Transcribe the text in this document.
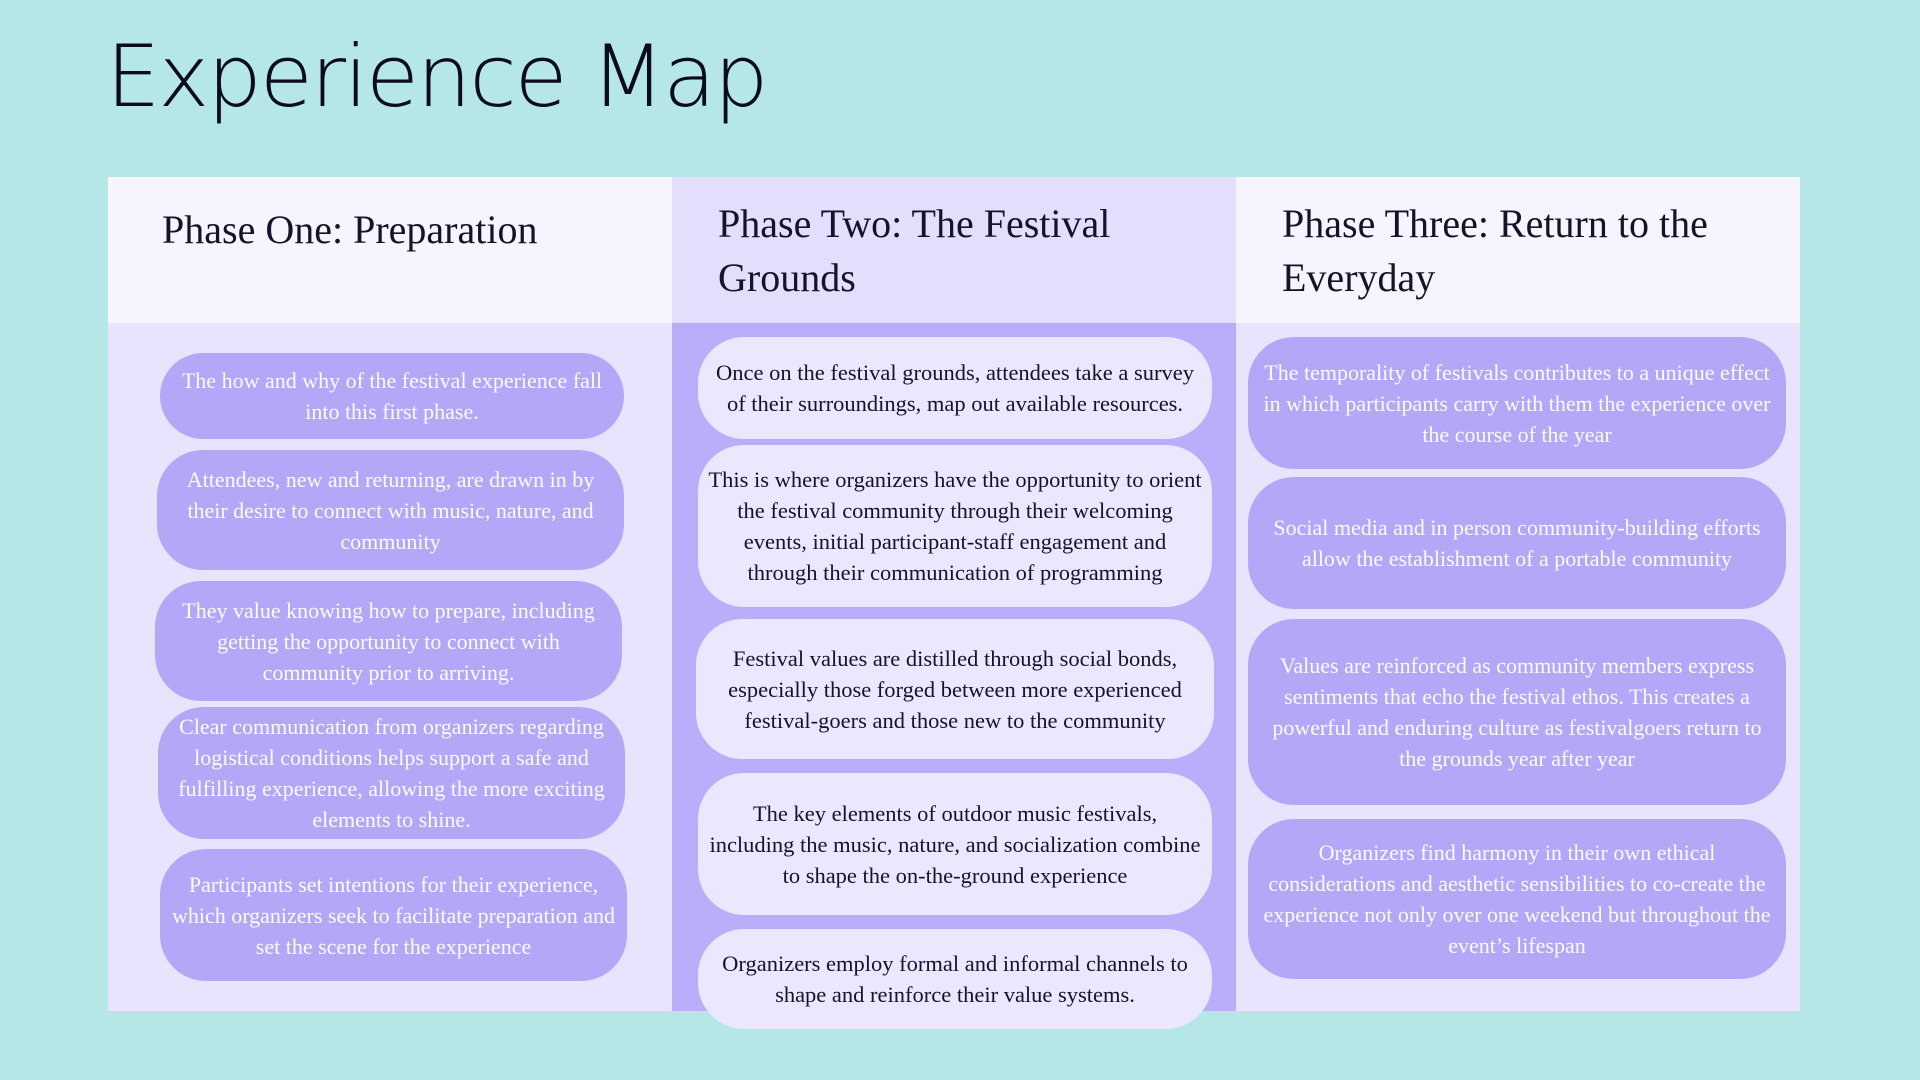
Experience Map
Phase One: Preparation
The how and why of the festival experience fall into this first phase.
Attendees, new and returning, are drawn in by their desire to connect with music, nature, and community
They value knowing how to prepare, including getting the opportunity to connect with community prior to arriving.
Clear communication from organizers regarding logistical conditions helps support a safe and fulfilling experience, allowing the more exciting elements to shine.
Participants set intentions for their experience, which organizers seek to facilitate preparation and set the scene for the experience
Phase Two: The Festival Grounds
Once on the festival grounds, attendees take a survey of their surroundings, map out available resources.
This is where organizers have the opportunity to orient the festival community through their welcoming events, initial participant-staff engagement and through their communication of programming
Festival values are distilled through social bonds, especially those forged between more experienced festival-goers and those new to the community
The key elements of outdoor music festivals, including the music, nature, and socialization combine to shape the on-the-ground experience
Organizers employ formal and informal channels to shape and reinforce their value systems.
Phase Three: Return to the Everyday
The temporality of festivals contributes to a unique effect in which participants carry with them the experience over the course of the year
Social media and in person community-building efforts allow the establishment of a portable community
Values are reinforced as community members express sentiments that echo the festival ethos. This creates a powerful and enduring culture as festivalgoers return to the grounds year after year
Organizers find harmony in their own ethical considerations and aesthetic sensibilities to co-create the experience not only over one weekend but throughout the event’s lifespan
